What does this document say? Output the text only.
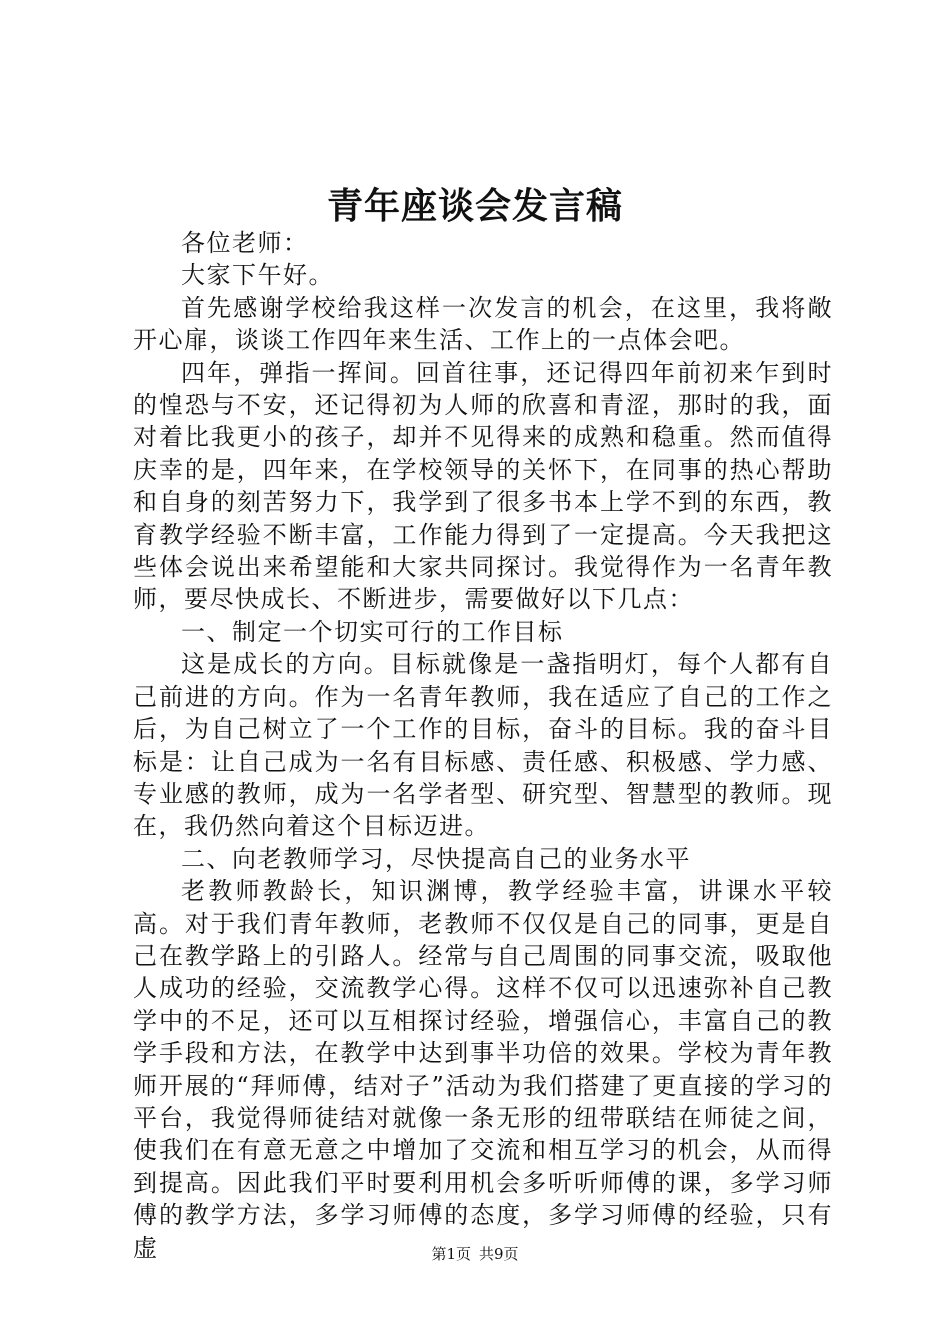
青年座谈会发言稿

各位老师：

大家下午好。

首先感谢学校给我这样一次发言的机会，在这里，我将敞开心扉，谈谈工作四年来生活、工作上的一点体会吧。

四年，弹指一挥间。回首往事，还记得四年前初来乍到时的惶恐与不安，还记得初为人师的欣喜和青涩，那时的我，面对着比我更小的孩子，却并不见得来的成熟和稳重。然而值得庆幸的是，四年来，在学校领导的关怀下，在同事的热心帮助和自身的刻苦努力下，我学到了很多书本上学不到的东西，教育教学经验不断丰富，工作能力得到了一定提高。今天我把这些体会说出来希望能和大家共同探讨。我觉得作为一名青年教师，要尽快成长、不断进步，需要做好以下几点：

一、制定一个切实可行的工作目标

这是成长的方向。目标就像是一盏指明灯，每个人都有自己前进的方向。作为一名青年教师，我在适应了自己的工作之后，为自己树立了一个工作的目标，奋斗的目标。我的奋斗目标是：让自己成为一名有目标感、责任感、积极感、学力感、专业感的教师，成为一名学者型、研究型、智慧型的教师。现在，我仍然向着这个目标迈进。

二、向老教师学习，尽快提高自己的业务水平

老教师教龄长，知识渊博，教学经验丰富，讲课水平较高。对于我们青年教师，老教师不仅仅是自己的同事，更是自己在教学路上的引路人。经常与自己周围的同事交流，吸取他人成功的经验，交流教学心得。这样不仅可以迅速弥补自己教学中的不足，还可以互相探讨经验，增强信心，丰富自己的教学手段和方法，在教学中达到事半功倍的效果。学校为青年教师开展的“拜师傅，结对子”活动为我们搭建了更直接的学习的平台，我觉得师徒结对就像一条无形的纽带联结在师徒之间，使我们在有意无意之中增加了交流和相互学习的机会，从而得到提高。因此我们平时要利用机会多听听师傅的课，多学习师傅的教学方法，多学习师傅的态度，多学习师傅的经验，只有虚	第1页 共9页
